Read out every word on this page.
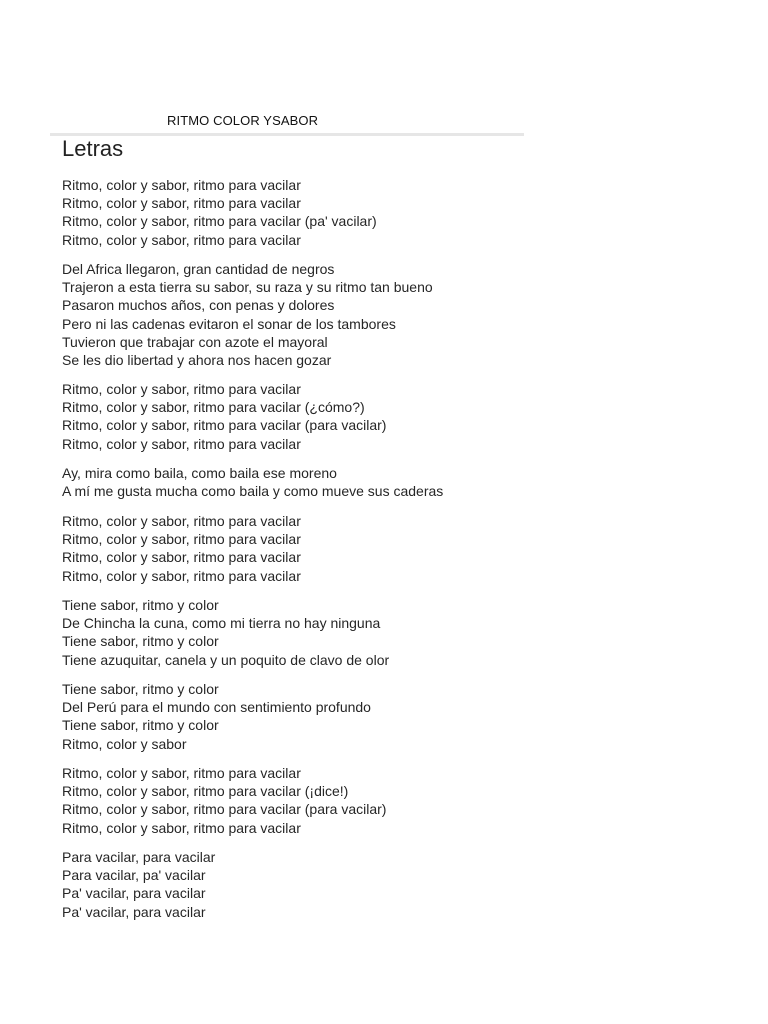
RITMO COLOR YSABOR
Letras
Ritmo, color y sabor, ritmo para vacilar
Ritmo, color y sabor, ritmo para vacilar
Ritmo, color y sabor, ritmo para vacilar (pa' vacilar)
Ritmo, color y sabor, ritmo para vacilar
Del Africa llegaron, gran cantidad de negros
Trajeron a esta tierra su sabor, su raza y su ritmo tan bueno
Pasaron muchos años, con penas y dolores
Pero ni las cadenas evitaron el sonar de los tambores
Tuvieron que trabajar con azote el mayoral
Se les dio libertad y ahora nos hacen gozar
Ritmo, color y sabor, ritmo para vacilar
Ritmo, color y sabor, ritmo para vacilar (¿cómo?)
Ritmo, color y sabor, ritmo para vacilar (para vacilar)
Ritmo, color y sabor, ritmo para vacilar
Ay, mira como baila, como baila ese moreno
A mí me gusta mucha como baila y como mueve sus caderas
Ritmo, color y sabor, ritmo para vacilar
Ritmo, color y sabor, ritmo para vacilar
Ritmo, color y sabor, ritmo para vacilar
Ritmo, color y sabor, ritmo para vacilar
Tiene sabor, ritmo y color
De Chincha la cuna, como mi tierra no hay ninguna
Tiene sabor, ritmo y color
Tiene azuquitar, canela y un poquito de clavo de olor
Tiene sabor, ritmo y color
Del Perú para el mundo con sentimiento profundo
Tiene sabor, ritmo y color
Ritmo, color y sabor
Ritmo, color y sabor, ritmo para vacilar
Ritmo, color y sabor, ritmo para vacilar (¡dice!)
Ritmo, color y sabor, ritmo para vacilar (para vacilar)
Ritmo, color y sabor, ritmo para vacilar
Para vacilar, para vacilar
Para vacilar, pa' vacilar
Pa' vacilar, para vacilar
Pa' vacilar, para vacilar
